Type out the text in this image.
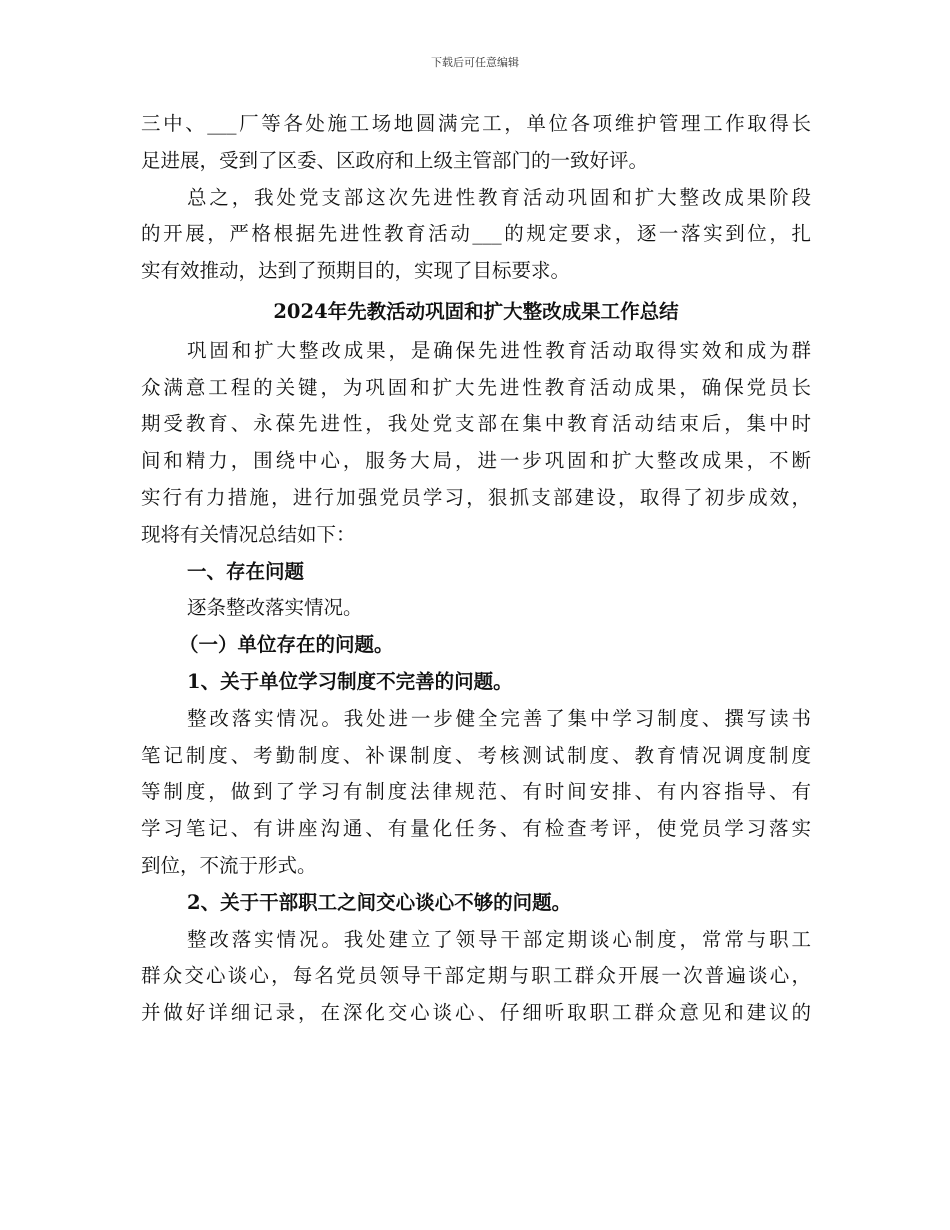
下载后可任意编辑
三中、___厂等各处施工场地圆满完工，单位各项维护管理工作取得长
足进展，受到了区委、区政府和上级主管部门的一致好评。
总之，我处党支部这次先进性教育活动巩固和扩大整改成果阶段
的开展，严格根据先进性教育活动___的规定要求，逐一落实到位，扎
实有效推动，达到了预期目的，实现了目标要求。
2024年先教活动巩固和扩大整改成果工作总结
巩固和扩大整改成果，是确保先进性教育活动取得实效和成为群
众满意工程的关键，为巩固和扩大先进性教育活动成果，确保党员长
期受教育、永葆先进性，我处党支部在集中教育活动结束后，集中时
间和精力，围绕中心，服务大局，进一步巩固和扩大整改成果，不断
实行有力措施，进行加强党员学习，狠抓支部建设，取得了初步成效，
现将有关情况总结如下：
一、存在问题
逐条整改落实情况。
（一）单位存在的问题。
1、关于单位学习制度不完善的问题。
整改落实情况。我处进一步健全完善了集中学习制度、撰写读书
笔记制度、考勤制度、补课制度、考核测试制度、教育情况调度制度
等制度，做到了学习有制度法律规范、有时间安排、有内容指导、有
学习笔记、有讲座沟通、有量化任务、有检查考评，使党员学习落实
到位，不流于形式。
2、关于干部职工之间交心谈心不够的问题。
整改落实情况。我处建立了领导干部定期谈心制度，常常与职工
群众交心谈心，每名党员领导干部定期与职工群众开展一次普遍谈心，
并做好详细记录，在深化交心谈心、仔细听取职工群众意见和建议的
